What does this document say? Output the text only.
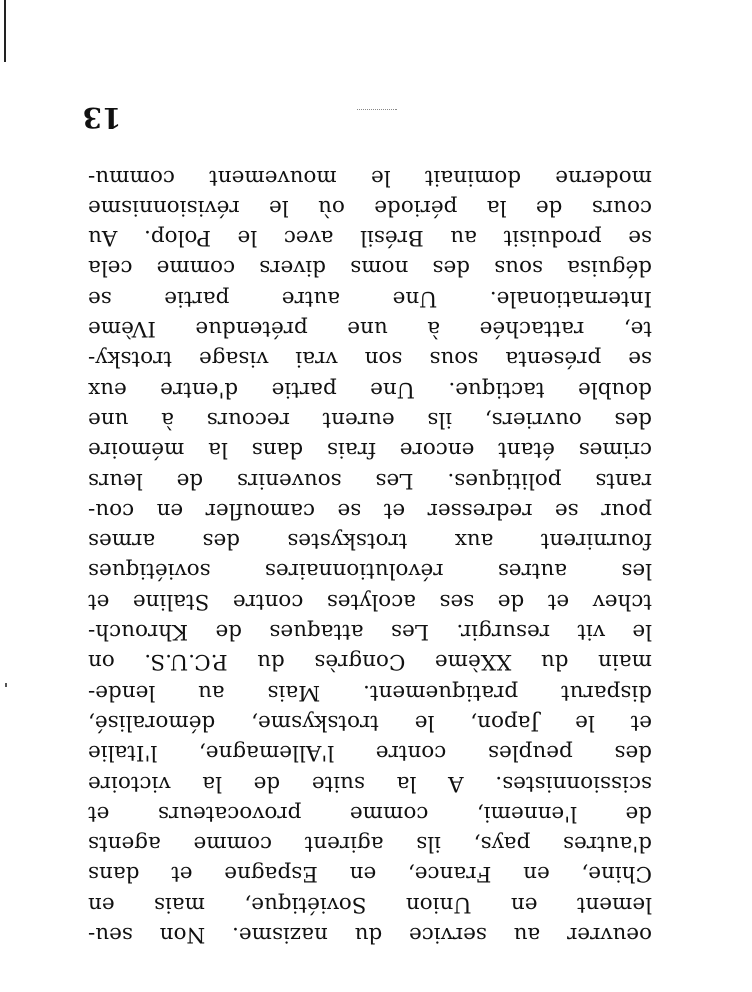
oeuvrer au service du nazisme. Non seu-
lement en Union Soviétique, mais en
Chine, en France, en Espagne et dans
d'autres pays, ils agirent comme agents
de l'ennemi, comme provocateurs et
scissionnistes. A la suite de la victoire
des peuples contre l'Allemagne, l'Italie
et le Japon, le trotskysme, démoralisé,
disparut pratiquement. Mais au lende-
main du XXème Congrès du P.C.U.S. on
le vit resurgir. Les attaques de Khrouch-
tchev et de ses acolytes contre Staline et
les autres révolutionnaires soviétiques
fournirent aux trotskystes des armes
pour se redresser et se camoufler en cou-
rants politiques. Les souvenirs de leurs
crimes étant encore frais dans la mémoire
des ouvriers, ils eurent recours à une
double tactique. Une partie d'entre eux
se présenta sous son vrai visage trotsky-
te, rattachée à une prétendue IVème
Internationale. Une autre partie se
déguisa sous des noms divers comme cela
se produisit au Brésil avec le Polop. Au
cours de la période où le révisionnisme
moderne dominait le mouvement commu-
13
